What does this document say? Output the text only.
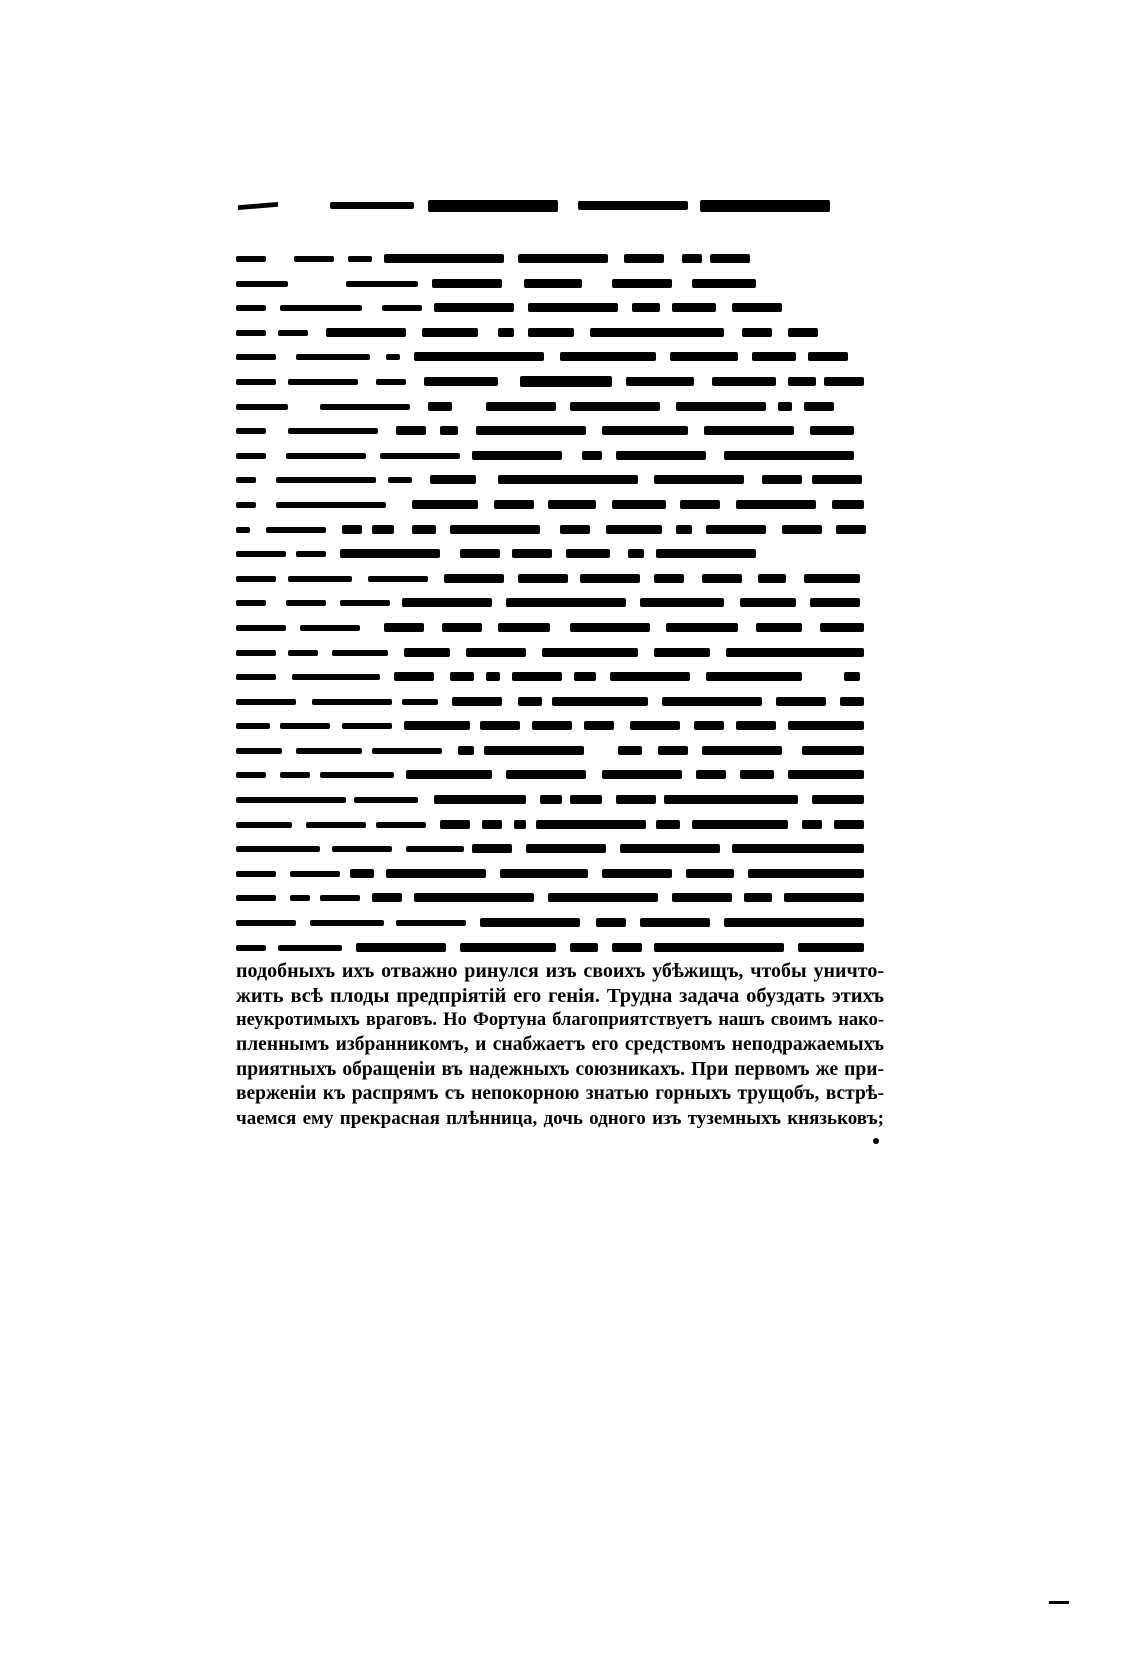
подобныхъ ихъ отважно ринулся изъ своихъ убѣжищъ, чтобы уничто-
жить всѣ плоды предпріятій его генія. Трудна задача обуздать этихъ
неукротимыхъ враговъ. Но Фортуна благоприятствуетъ нашъ своимъ нако-
пленнымъ избранникомъ, и снабжаетъ его средствомъ неподражаемыхъ
приятныхъ обращеніи въ надежныхъ союзникахъ. При первомъ же при-
верженіи къ распрямъ съ непокорною знатью горныхъ трущобъ, встрѣ-
чаемся ему прекрасная плѣнница, дочь одного изъ туземныхъ князьковъ;
